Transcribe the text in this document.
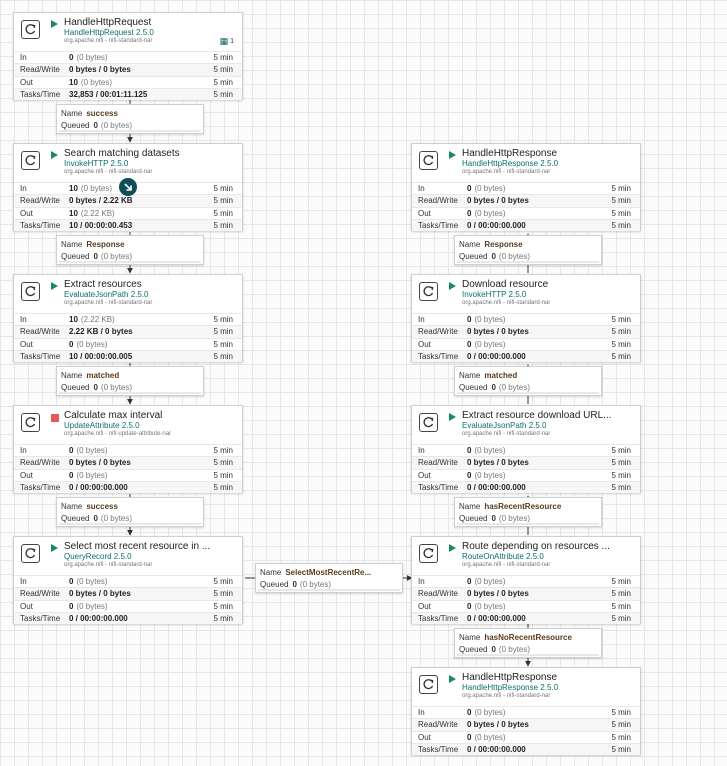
HandleHttpRequest
HandleHttpRequest 2.5.0
org.apache.nifi - nifi-standard-nar	▦ 1
In	0 (0 bytes)	5 min
Read/Write 0 bytes / 0 bytes	5 min
Out	10 (0 bytes)	5 min
Tasks/Time 32,853 / 00:01:11.125	5 min
Search matching datasets
InvokeHTTP 2.5.0
org.apache.nifi - nifi-standard-nar
In	10 (0 bytes)	5 min
Read/Write 0 bytes / 2.22 KB	5 min
Out	10 (2.22 KB)	5 min
Tasks/Time 10 / 00:00:00.453	5 min
Extract resources
EvaluateJsonPath 2.5.0
org.apache.nifi - nifi-standard-nar
In	10 (2.22 KB)	5 min
Read/Write 2.22 KB / 0 bytes	5 min
Out	0 (0 bytes)	5 min
Tasks/Time 10 / 00:00:00.005	5 min
Calculate max interval
UpdateAttribute 2.5.0
org.apache.nifi - nifi-update-attribute-nar
In	0 (0 bytes)	5 min
Read/Write 0 bytes / 0 bytes	5 min
Out	0 (0 bytes)	5 min
Tasks/Time 0 / 00:00:00.000	5 min
Select most recent resource in ...
QueryRecord 2.5.0
org.apache.nifi - nifi-standard-nar
In	0 (0 bytes)	5 min
Read/Write 0 bytes / 0 bytes	5 min
Out	0 (0 bytes)	5 min
Tasks/Time 0 / 00:00:00.000	5 min
HandleHttpResponse
HandleHttpResponse 2.5.0
org.apache.nifi - nifi-standard-nar
In	0 (0 bytes)	5 min
Read/Write 0 bytes / 0 bytes	5 min
Out	0 (0 bytes)	5 min
Tasks/Time 0 / 00:00:00.000	5 min
Download resource
InvokeHTTP 2.5.0
org.apache.nifi - nifi-standard-nar
In	0 (0 bytes)	5 min
Read/Write 0 bytes / 0 bytes	5 min
Out	0 (0 bytes)	5 min
Tasks/Time 0 / 00:00:00.000	5 min
Extract resource download URL...
EvaluateJsonPath 2.5.0
org.apache.nifi - nifi-standard-nar
In	0 (0 bytes)	5 min
Read/Write 0 bytes / 0 bytes	5 min
Out	0 (0 bytes)	5 min
Tasks/Time 0 / 00:00:00.000	5 min
Route depending on resources ...
RouteOnAttribute 2.5.0
org.apache.nifi - nifi-standard-nar
In	0 (0 bytes)	5 min
Read/Write 0 bytes / 0 bytes	5 min
Out	0 (0 bytes)	5 min
Tasks/Time 0 / 00:00:00.000	5 min
HandleHttpResponse
HandleHttpResponse 2.5.0
org.apache.nifi - nifi-standard-nar
In	0 (0 bytes)	5 min
Read/Write 0 bytes / 0 bytes	5 min
Out	0 (0 bytes)	5 min
Tasks/Time 0 / 00:00:00.000	5 min
Name success
Queued 0 (0 bytes)
Name Response
Queued 0 (0 bytes)
Name matched
Queued 0 (0 bytes)
Name success
Queued 0 (0 bytes)
Name SelectMostRecentRe...
Queued 0 (0 bytes)
Name hasNoRecentResource
Queued 0 (0 bytes)
Name hasRecentResource
Queued 0 (0 bytes)
Name matched
Queued 0 (0 bytes)
Name Response
Queued 0 (0 bytes)
